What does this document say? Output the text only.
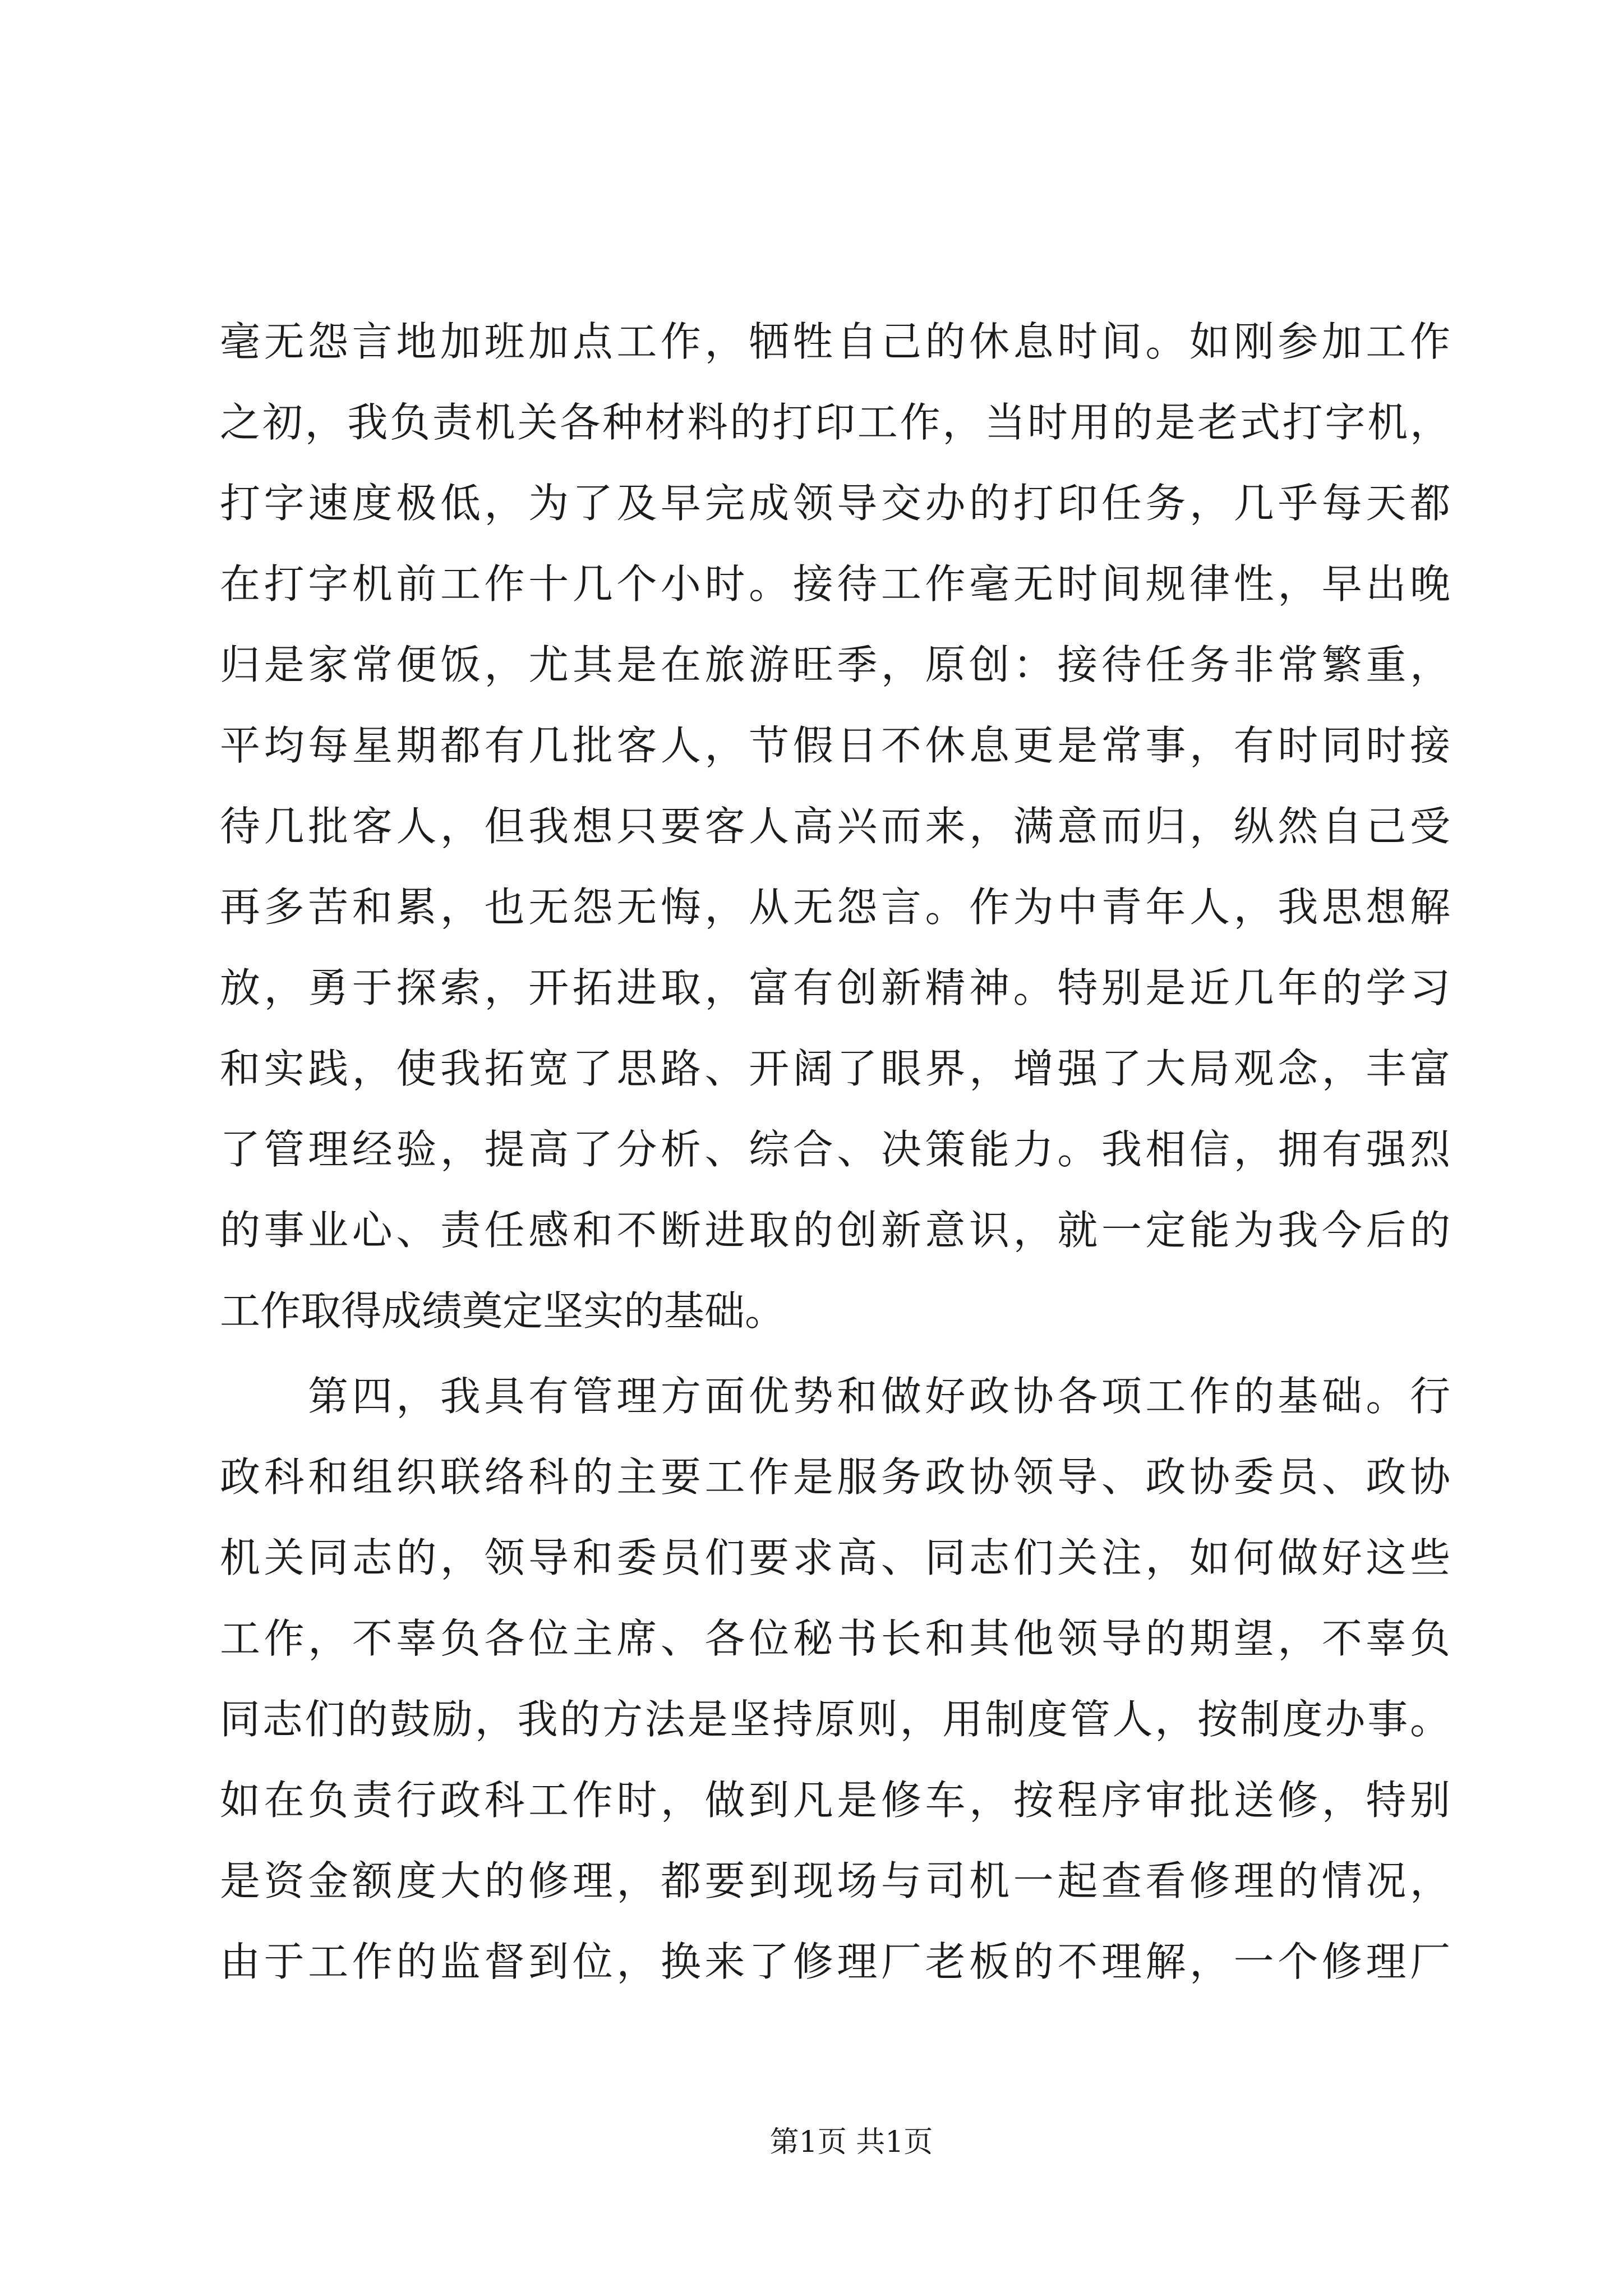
毫无怨言地加班加点工作，牺牲自己的休息时间。如刚参加工作
之初，我负责机关各种材料的打印工作，当时用的是老式打字机，
打字速度极低，为了及早完成领导交办的打印任务，几乎每天都
在打字机前工作十几个小时。接待工作毫无时间规律性，早出晚
归是家常便饭，尤其是在旅游旺季，原创：接待任务非常繁重，
平均每星期都有几批客人，节假日不休息更是常事，有时同时接
待几批客人，但我想只要客人高兴而来，满意而归，纵然自己受
再多苦和累，也无怨无悔，从无怨言。作为中青年人，我思想解
放，勇于探索，开拓进取，富有创新精神。特别是近几年的学习
和实践，使我拓宽了思路、开阔了眼界，增强了大局观念，丰富
了管理经验，提高了分析、综合、决策能力。我相信，拥有强烈
的事业心、责任感和不断进取的创新意识，就一定能为我今后的
工作取得成绩奠定坚实的基础。
第四，我具有管理方面优势和做好政协各项工作的基础。行
政科和组织联络科的主要工作是服务政协领导、政协委员、政协
机关同志的，领导和委员们要求高、同志们关注，如何做好这些
工作，不辜负各位主席、各位秘书长和其他领导的期望，不辜负
同志们的鼓励，我的方法是坚持原则，用制度管人，按制度办事。
如在负责行政科工作时，做到凡是修车，按程序审批送修，特别
是资金额度大的修理，都要到现场与司机一起查看修理的情况，
由于工作的监督到位，换来了修理厂老板的不理解，一个修理厂
第1页 共1页
